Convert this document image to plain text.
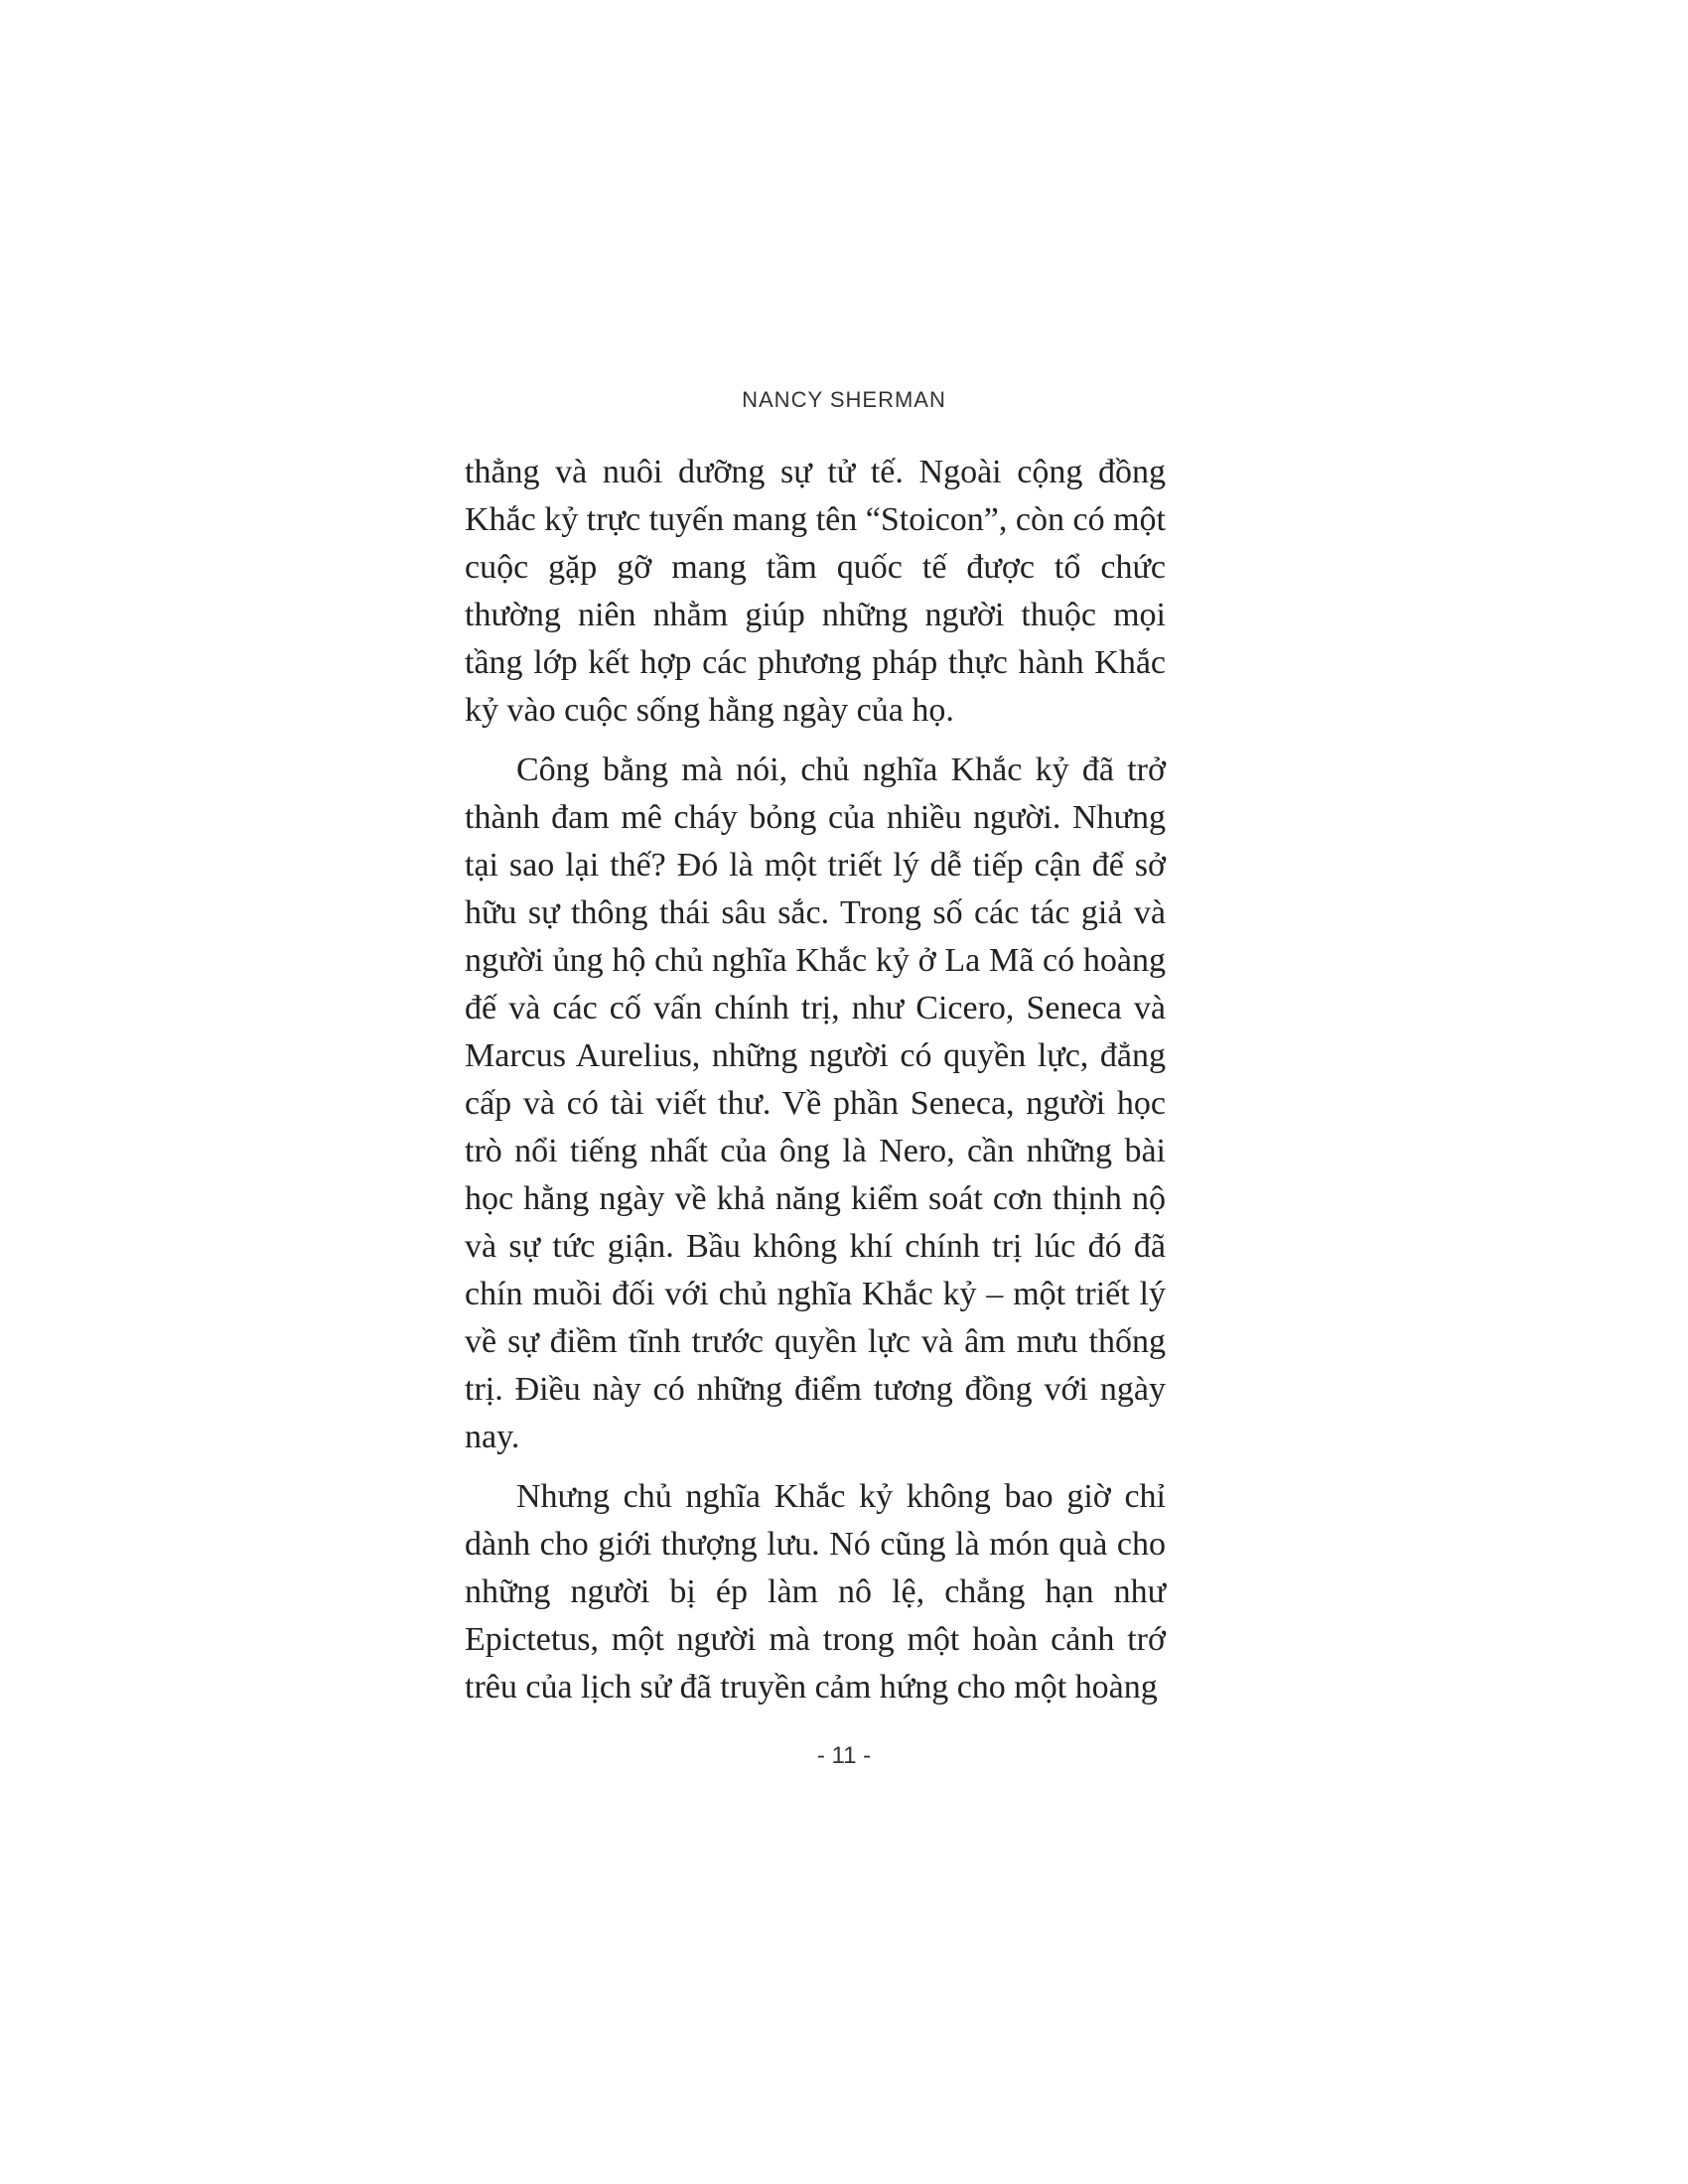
NANCY SHERMAN

thẳng và nuôi dưỡng sự tử tế. Ngoài cộng đồng Khắc kỷ trực tuyến mang tên “Stoicon”, còn có một cuộc gặp gỡ mang tầm quốc tế được tổ chức thường niên nhằm giúp những người thuộc mọi tầng lớp kết hợp các phương pháp thực hành Khắc kỷ vào cuộc sống hằng ngày của họ.

Công bằng mà nói, chủ nghĩa Khắc kỷ đã trở thành đam mê cháy bỏng của nhiều người. Nhưng tại sao lại thế? Đó là một triết lý dễ tiếp cận để sở hữu sự thông thái sâu sắc. Trong số các tác giả và người ủng hộ chủ nghĩa Khắc kỷ ở La Mã có hoàng đế và các cố vấn chính trị, như Cicero, Seneca và Marcus Aurelius, những người có quyền lực, đẳng cấp và có tài viết thư. Về phần Seneca, người học trò nổi tiếng nhất của ông là Nero, cần những bài học hằng ngày về khả năng kiểm soát cơn thịnh nộ và sự tức giận. Bầu không khí chính trị lúc đó đã chín muồi đối với chủ nghĩa Khắc kỷ – một triết lý về sự điềm tĩnh trước quyền lực và âm mưu thống trị. Điều này có những điểm tương đồng với ngày nay.

Nhưng chủ nghĩa Khắc kỷ không bao giờ chỉ dành cho giới thượng lưu. Nó cũng là món quà cho những người bị ép làm nô lệ, chẳng hạn như Epictetus, một người mà trong một hoàn cảnh trớ trêu của lịch sử đã truyền cảm hứng cho một hoàng

- 11 -
